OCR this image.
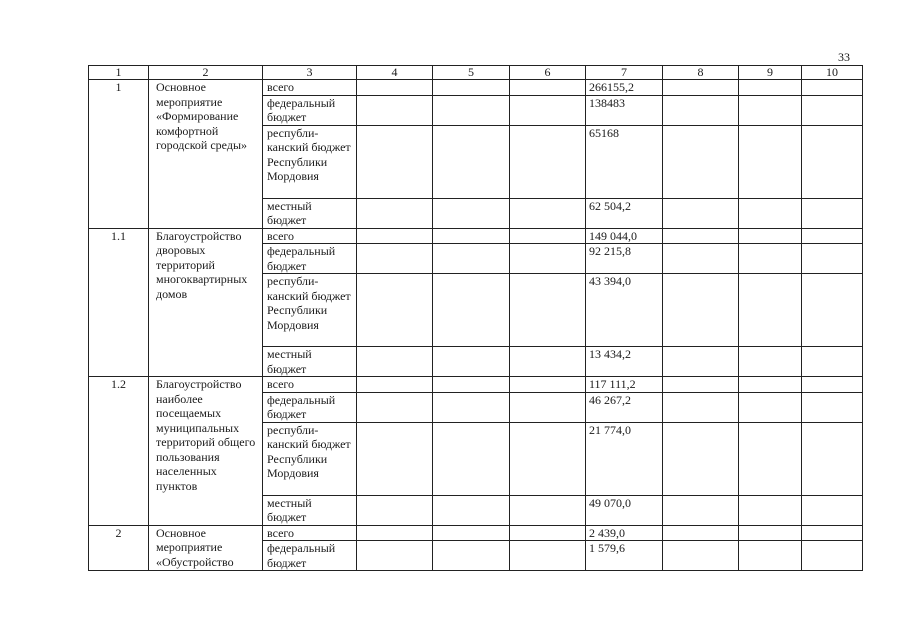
33
1	2	3	4	5	6	7	8	9	10
1	Основное мероприятие «Формирование комфортной городской среды»	всего				266155,2			
		федеральный бюджет				138483			
		республи-канский бюджет Республики Мордовия				65168			
		местный бюджет				62 504,2			
1.1	Благоустройство дворовых территорий многоквартирных домов	всего				149 044,0			
		федеральный бюджет				92 215,8			
		республи-канский бюджет Республики Мордовия				43 394,0			
		местный бюджет				13 434,2			
1.2	Благоустройство наиболее посещаемых муниципальных территорий общего пользования населенных пунктов	всего				117 111,2			
		федеральный бюджет				46 267,2			
		республи-канский бюджет Республики Мордовия				21 774,0			
		местный бюджет				49 070,0			
2	Основное мероприятие «Обустройство	всего				2 439,0			
		федеральный бюджет				1 579,6			
